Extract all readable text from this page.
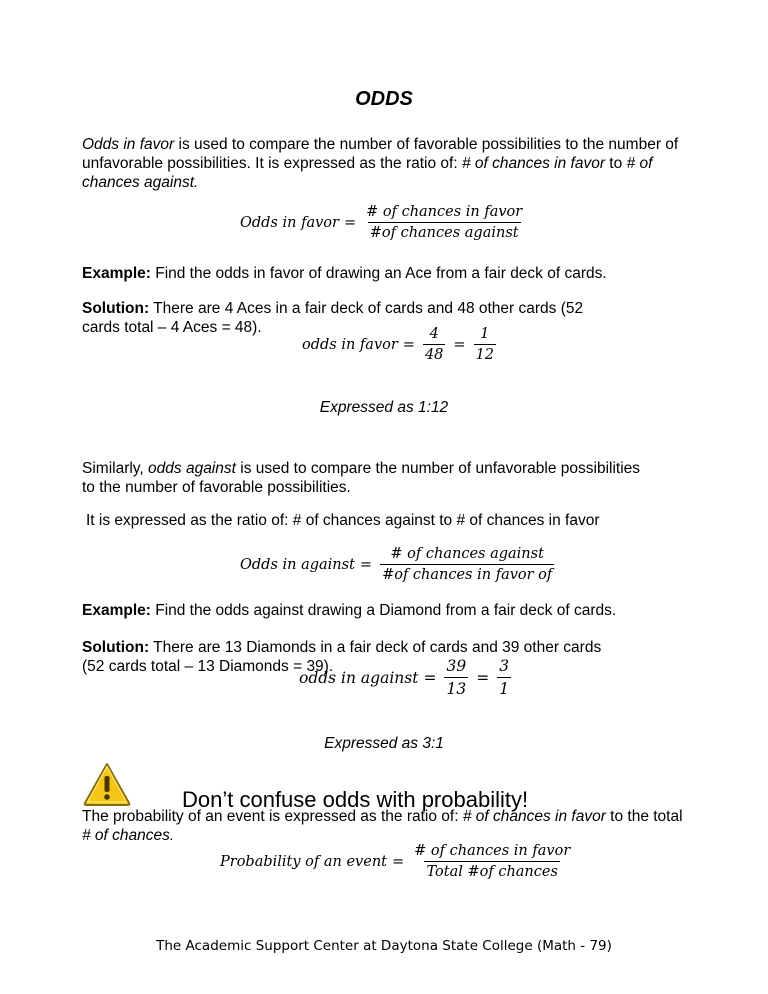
ODDS

Odds in favor is used to compare the number of favorable possibilities to the number of
unfavorable possibilities. It is expressed as the ratio of: # of chances in favor to # of
chances against.

Odds in favor = $\frac{\text{\# of chances in favor}}{\text{\#of chances against}}$

Example: Find the odds in favor of drawing an Ace from a fair deck of cards.

Solution: There are 4 Aces in a fair deck of cards and 48 other cards (52
cards total – 4 Aces = 48).

odds in favor = $\frac{4}{48} = \frac{1}{12}$

Expressed as 1:12

Similarly, odds against is used to compare the number of unfavorable possibilities
to the number of favorable possibilities.

It is expressed as the ratio of: # of chances against to # of chances in favor

Odds in against = $\frac{\text{\# of chances against}}{\text{\#of chances in favor of}}$

Example: Find the odds against drawing a Diamond from a fair deck of cards.

Solution: There are 13 Diamonds in a fair deck of cards and 39 other cards
(52 cards total – 13 Diamonds = 39).

odds in against = $\frac{39}{13} = \frac{3}{1}$

Expressed as 3:1

Don’t confuse odds with probability!

The probability of an event is expressed as the ratio of: # of chances in favor to the total
# of chances.

Probability of an event = $\frac{\text{\# of chances in favor}}{\text{Total \#of chances}}$

The Academic Support Center at Daytona State College (Math - 79)
